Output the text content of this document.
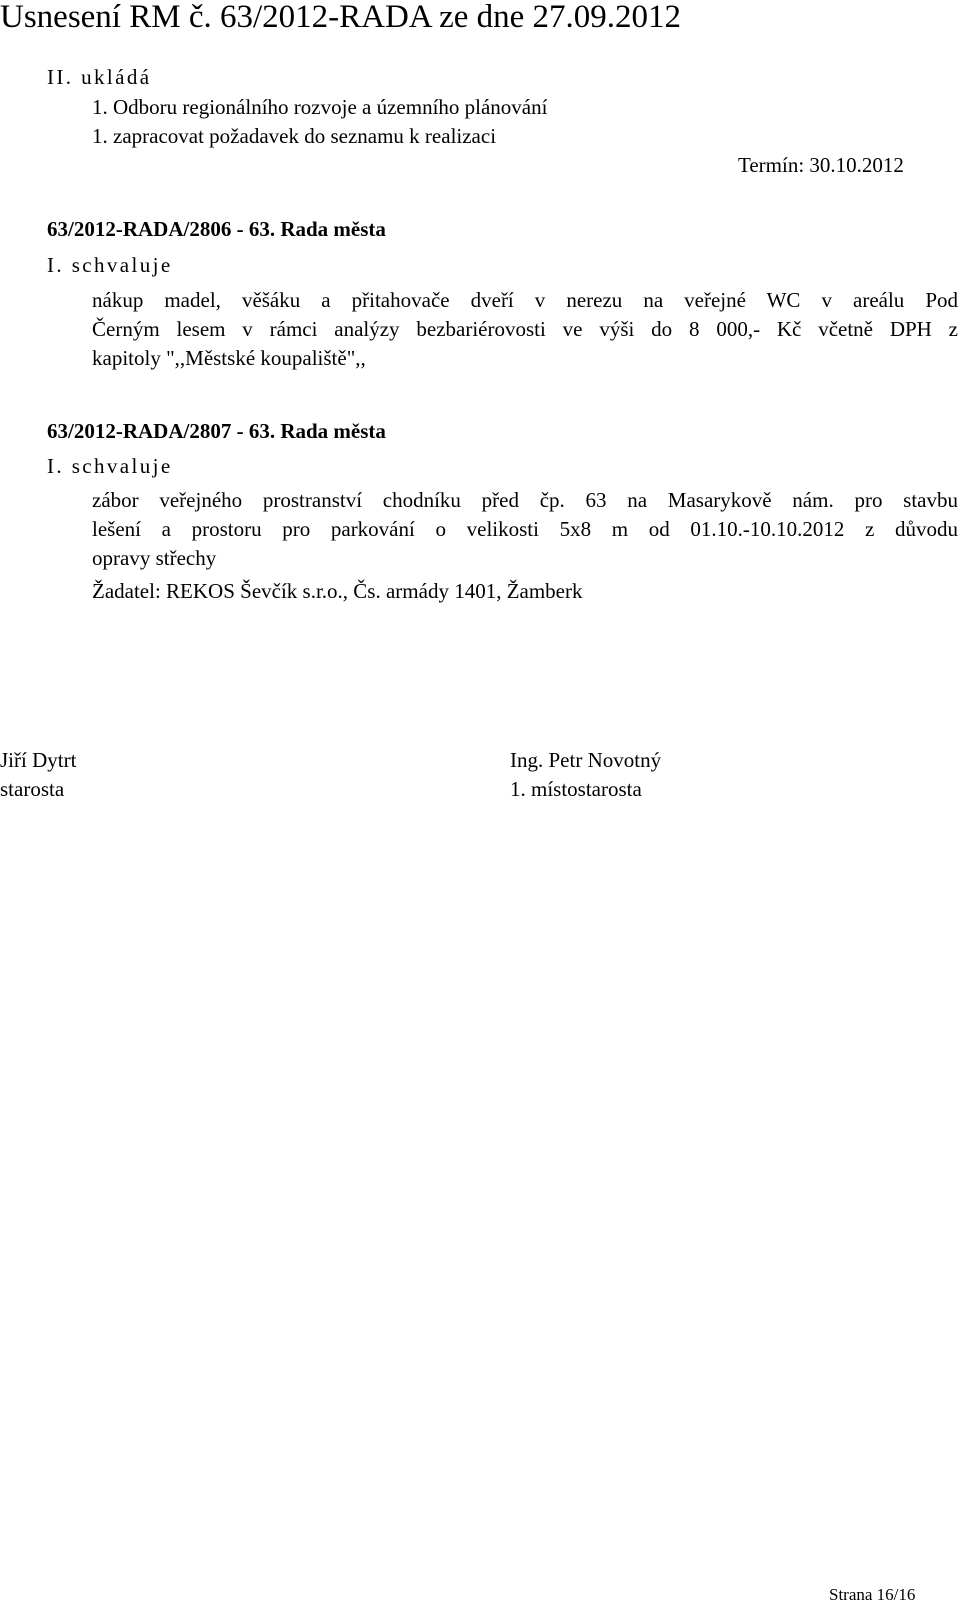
Usnesení RM č. 63/2012-RADA ze dne 27.09.2012
II. ukládá
1. Odboru regionálního rozvoje a územního plánování
1. zapracovat požadavek do seznamu k realizaci
Termín: 30.10.2012
63/2012-RADA/2806 - 63. Rada města
I. schvaluje
nákup madel, věšáku a přitahovače dveří v nerezu na veřejné WC v areálu Pod
Černým lesem v rámci analýzy bezbariérovosti ve výši do 8 000,- Kč včetně DPH z
kapitoly ",,Městské koupaliště",,
63/2012-RADA/2807 - 63. Rada města
I. schvaluje
zábor veřejného prostranství chodníku před čp. 63 na Masarykově nám. pro stavbu
lešení a prostoru pro parkování o velikosti 5x8 m od 01.10.-10.10.2012 z důvodu
opravy střechy
Žadatel: REKOS Ševčík s.r.o., Čs. armády 1401, Žamberk
Jiří Dytrt
starosta
Ing. Petr Novotný
1. místostarosta
Strana 16/16
